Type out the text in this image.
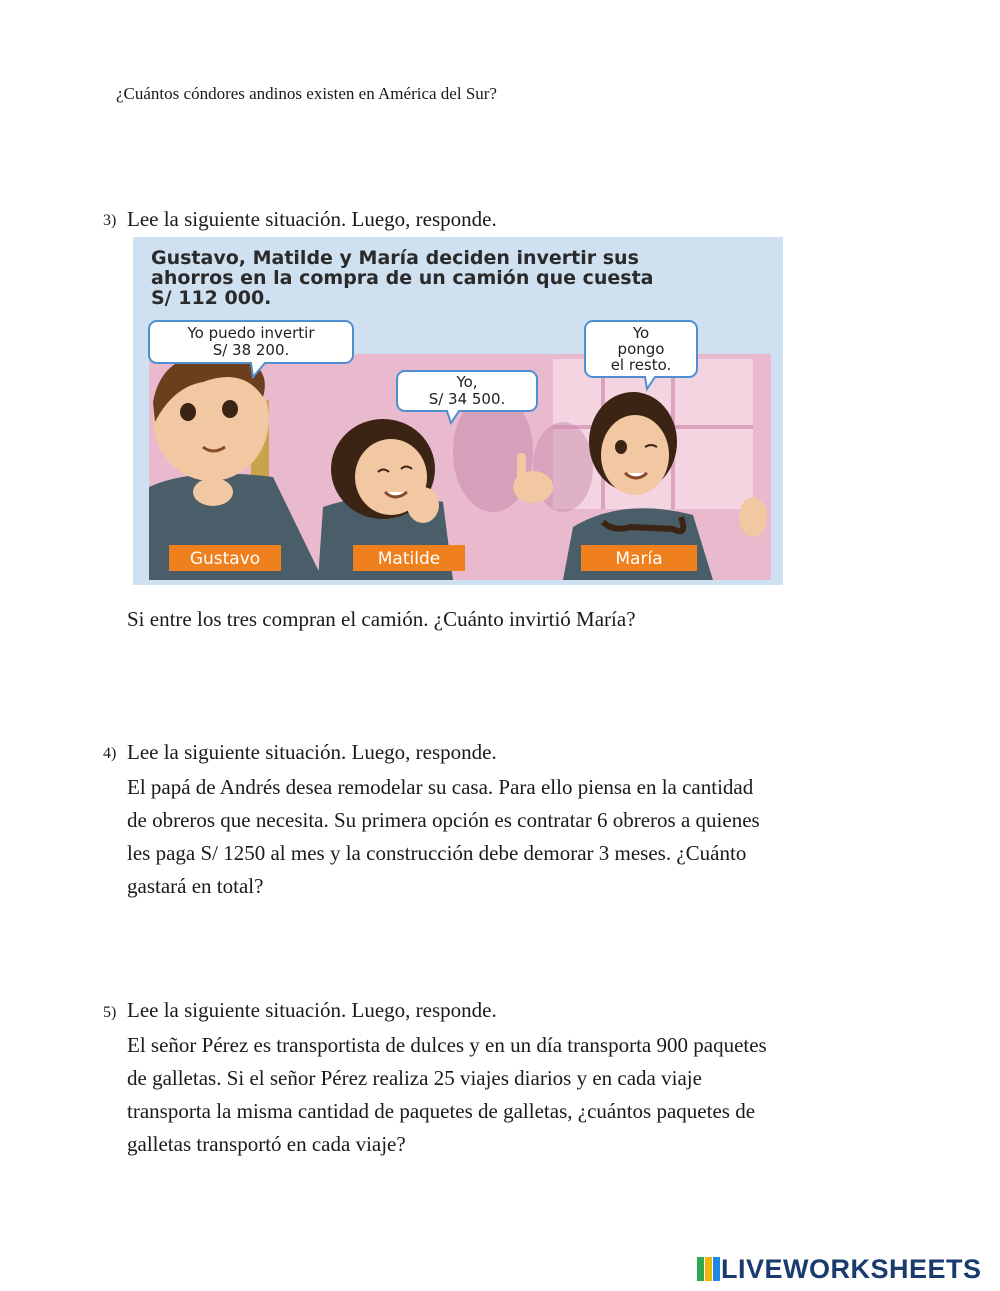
¿Cuántos cóndores andinos existen en América del Sur?
3) Lee la siguiente situación. Luego, responde.
Gustavo, Matilde y María deciden invertir sus
ahorros en la compra de un camión que cuesta
S/ 112 000.
Yo puedo invertir
S/ 38 200.
Yo,
S/ 34 500.
Yo
pongo
el resto.
Gustavo	Matilde	María
Si entre los tres compran el camión. ¿Cuánto invirtió María?
4) Lee la siguiente situación. Luego, responde.
El papá de Andrés desea remodelar su casa. Para ello piensa en la cantidad
de obreros que necesita. Su primera opción es contratar 6 obreros a quienes
les paga S/ 1250 al mes y la construcción debe demorar 3 meses. ¿Cuánto
gastará en total?
5) Lee la siguiente situación. Luego, responde.
El señor Pérez es transportista de dulces y en un día transporta 900 paquetes
de galletas. Si el señor Pérez realiza 25 viajes diarios y en cada viaje
transporta la misma cantidad de paquetes de galletas, ¿cuántos paquetes de
galletas transportó en cada viaje?
LIVEWORKSHEETS
